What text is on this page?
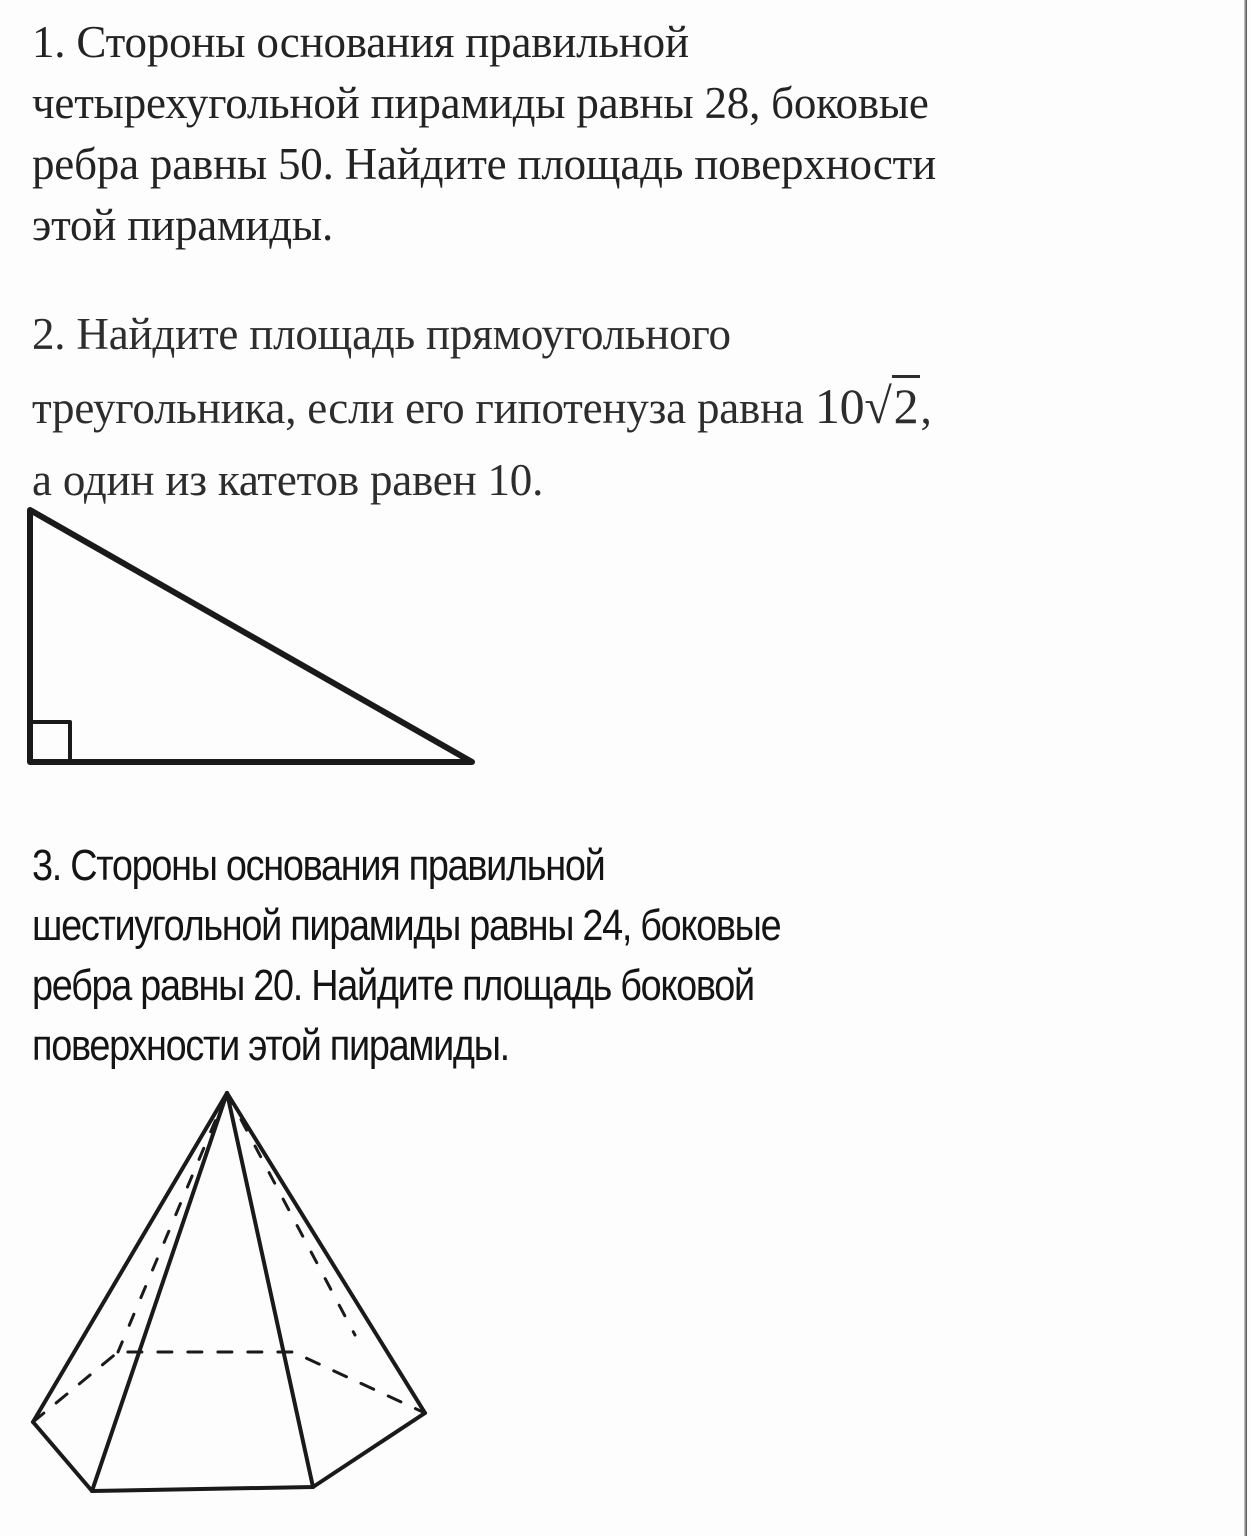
1. Стороны основания правильной

четырехугольной пирамиды равны 28, боковые

ребра равны 50. Найдите площадь поверхности

этой пирамиды.

2. Найдите площадь прямоугольного

треугольника, если его гипотенуза равна 10√2,

а один из катетов равен 10.

3. Стороны основания правильной

шестиугольной пирамиды равны 24, боковые

ребра равны 20. Найдите площадь боковой

поверхности этой пирамиды.
